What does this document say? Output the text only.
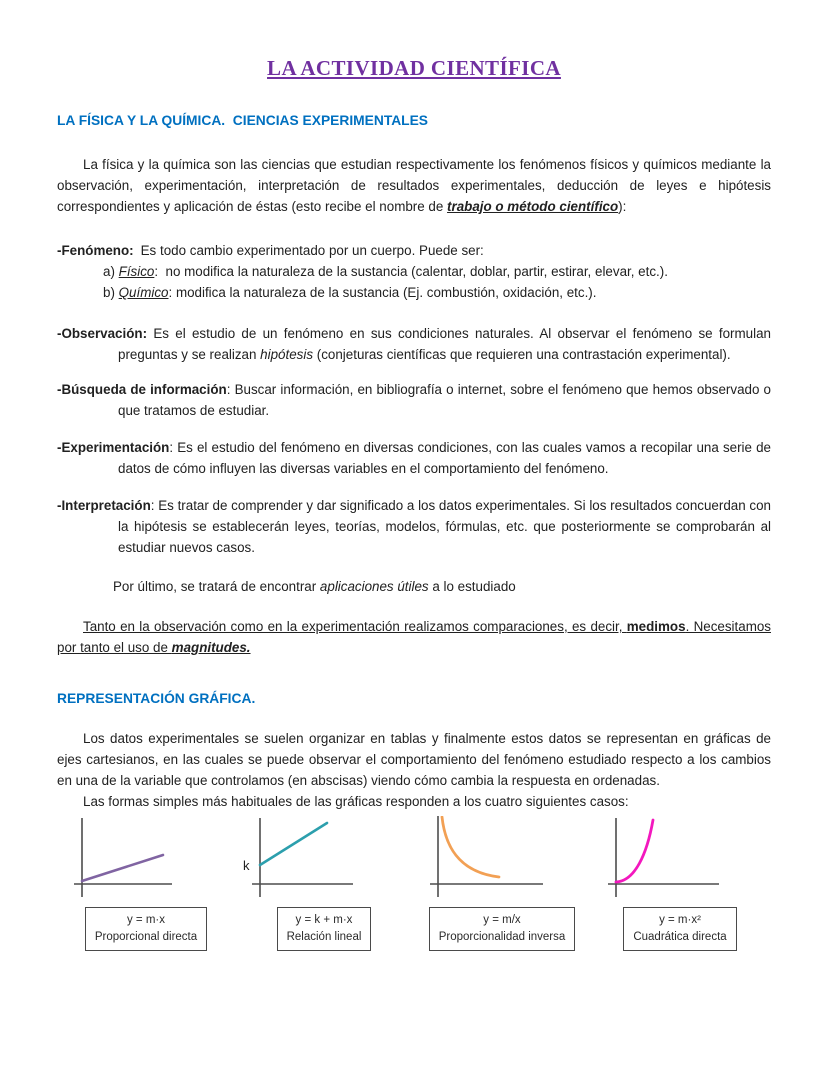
LA ACTIVIDAD CIENTÍFICA
LA FÍSICA Y LA QUÍMICA.  CIENCIAS EXPERIMENTALES

La física y la química son las ciencias que estudian respectivamente los fenómenos físicos y químicos mediante la observación, experimentación, interpretación de resultados experimentales, deducción de leyes e hipótesis correspondientes y aplicación de éstas (esto recibe el nombre de trabajo o método científico):

-Fenómeno: Es todo cambio experimentado por un cuerpo. Puede ser:

a) Físico:  no modifica la naturaleza de la sustancia (calentar, doblar, partir, estirar, elevar, etc.).

b) Químico: modifica la naturaleza de la sustancia (Ej. combustión, oxidación, etc.).

-Observación: Es el estudio de un fenómeno en sus condiciones naturales. Al observar el fenómeno se formulan preguntas y se realizan hipótesis (conjeturas científicas que requieren una contrastación experimental).

-Búsqueda de información: Buscar información, en bibliografía o internet, sobre el fenómeno que hemos observado o que tratamos de estudiar.

-Experimentación: Es el estudio del fenómeno en diversas condiciones, con las cuales vamos a recopilar una serie de datos de cómo influyen las diversas variables en el comportamiento del fenómeno.

-Interpretación: Es tratar de comprender y dar significado a los datos experimentales. Si los resultados concuerdan con la hipótesis se establecerán leyes, teorías, modelos, fórmulas, etc. que posteriormente se comprobarán al estudiar nuevos casos.

Por último, se tratará de encontrar aplicaciones útiles a lo estudiado

Tanto en la observación como en la experimentación realizamos comparaciones, es decir, medimos. Necesitamos por tanto el uso de magnitudes.

REPRESENTACIÓN GRÁFICA.

Los datos experimentales se suelen organizar en tablas y finalmente estos datos se representan en gráficas de ejes cartesianos, en las cuales se puede observar el comportamiento del fenómeno estudiado respecto a los cambios en una de la variable que controlamos (en abscisas) viendo cómo cambia la respuesta en ordenadas.

Las formas simples más habituales de las gráficas responden a los cuatro siguientes casos:

y = m·x
Proporcional directa
k
y = k + m·x
Relación lineal
y = m/x
Proporcionalidad inversa
y = m·x²
Cuadrática directa
